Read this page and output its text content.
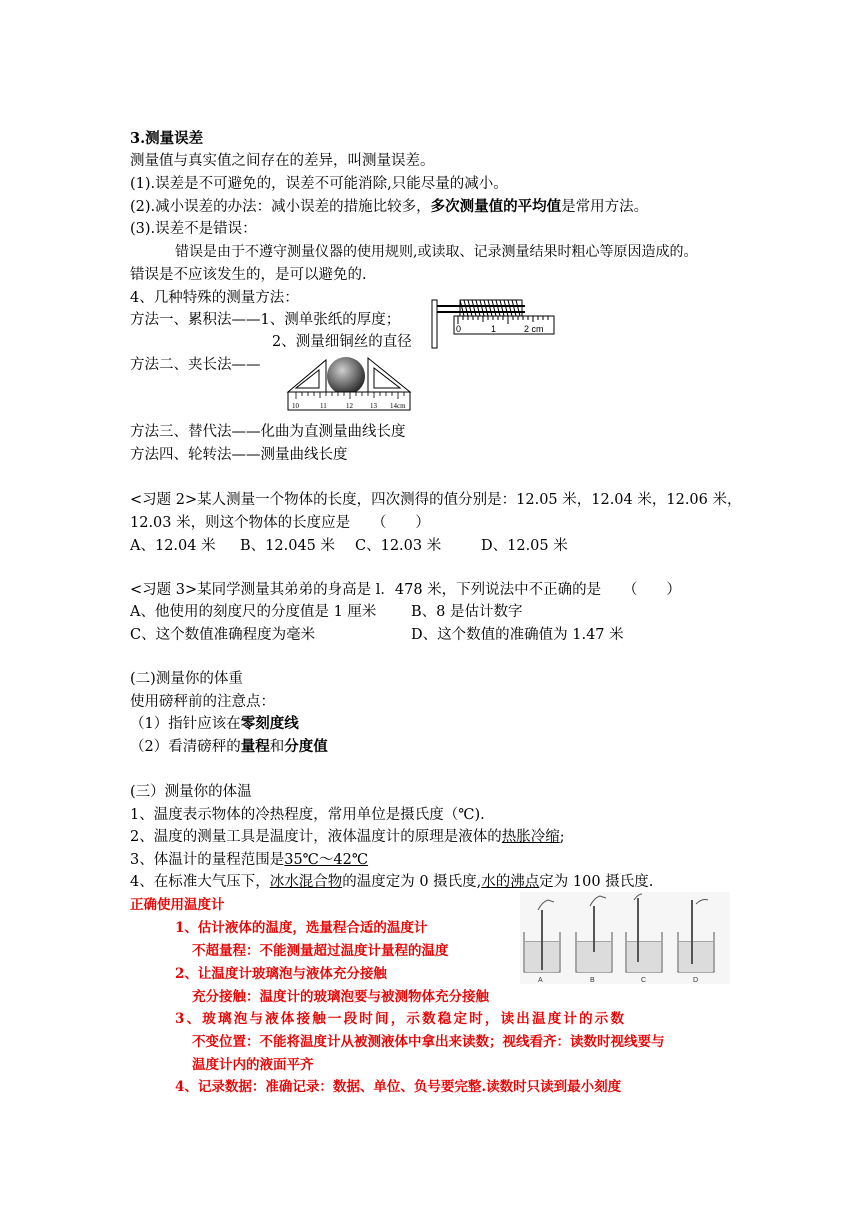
3.测量误差
测量值与真实值之间存在的差异，叫测量误差。
(1).误差是不可避免的，误差不可能消除,只能尽量的减小。
(2).减小误差的办法：减小误差的措施比较多，多次测量值的平均值是常用方法。
(3).误差不是错误：
错误是由于不遵守测量仪器的使用规则,或读取、记录测量结果时粗心等原因造成的。
错误是不应该发生的，是可以避免的.
4、几种特殊的测量方法：
方法一、累积法——1、测单张纸的厚度；
2、测量细铜丝的直径
方法二、夹长法——
方法三、替代法——化曲为直测量曲线长度
方法四、轮转法——测量曲线长度
0	1	2 cm
10	11	12 13 14cm
<习题 2>某人测量一个物体的长度，四次测得的值分别是：12.05 米，12.04 米，12.06 米，
12.03 米，则这个物体的长度应是　　（　　）
A、12.04 米 B、12.045 米 C、12.03 米	D、12.05 米
<习题 3>某同学测量其弟弟的身高是 l．478 米，下列说法中不正确的是　　（　　）
A、他使用的刻度尺的分度值是 1 厘米 B、8 是估计数字
C、这个数值准确程度为毫米	D、这个数值的准确值为 1.47 米
(二)测量你的体重
使用磅秤前的注意点：
（1）指针应该在零刻度线
（2）看清磅秤的量程和分度值
(三）测量你的体温
1、温度表示物体的冷热程度，常用单位是摄氏度（℃).
2、温度的测量工具是温度计，液体温度计的原理是液体的热胀冷缩;
3、体温计的量程范围是35℃～42℃
4、在标准大气压下，冰水混合物的温度定为 0 摄氏度,水的沸点定为 100 摄氏度.
正确使用温度计
1、估计液体的温度，选量程合适的温度计
不超量程：不能测量超过温度计量程的温度
2、让温度计玻璃泡与液体充分接触
充分接触：温度计的玻璃泡要与被测物体充分接触
3、玻璃泡与液体接触一段时间，示数稳定时，读出温度计的示数
不变位置：不能将温度计从被测液体中拿出来读数；视线看齐：读数时视线要与
温度计内的液面平齐
4、记录数据：准确记录：数据、单位、负号要完整.读数时只读到最小刻度
A	B	C	D
